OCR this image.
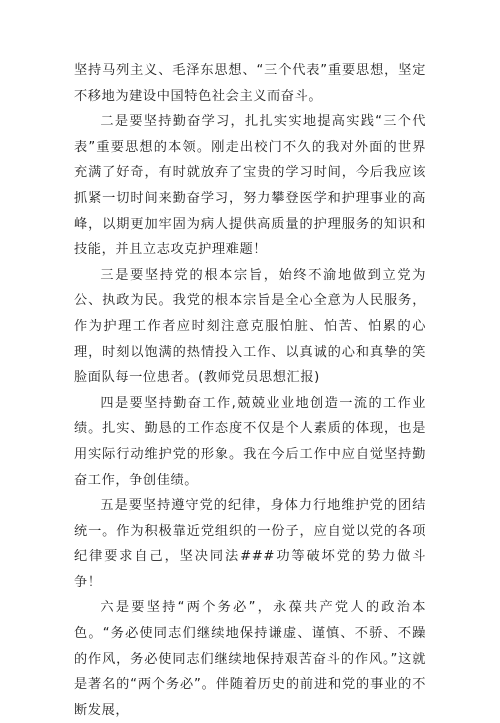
坚持马列主义、毛泽东思想、“三个代表”重要思想，坚定不移地为建设中国特色社会主义而奋斗。

二是要坚持勤奋学习，扎扎实实地提高实践“三个代表”重要思想的本领。刚走出校门不久的我对外面的世界充满了好奇，有时就放弃了宝贵的学习时间，今后我应该抓紧一切时间来勤奋学习，努力攀登医学和护理事业的高峰，以期更加牢固为病人提供高质量的护理服务的知识和技能，并且立志攻克护理难题！

三是要坚持党的根本宗旨，始终不渝地做到立党为公、执政为民。我党的根本宗旨是全心全意为人民服务，作为护理工作者应时刻注意克服怕脏、怕苦、怕累的心理，时刻以饱满的热情投入工作、以真诚的心和真挚的笑脸面队每一位患者。(教师党员思想汇报)

四是要坚持勤奋工作,兢兢业业地创造一流的工作业绩。扎实、勤恳的工作态度不仅是个人素质的体现，也是用实际行动维护党的形象。我在今后工作中应自觉坚持勤奋工作，争创佳绩。

五是要坚持遵守党的纪律，身体力行地维护党的团结统一。作为积极靠近党组织的一份子，应自觉以党的各项纪律要求自己，坚决同法###功等破坏党的势力做斗争！

六是要坚持“两个务必”，永葆共产党人的政治本色。“务必使同志们继续地保持谦虚、谨慎、不骄、不躁的作风，务必使同志们继续地保持艰苦奋斗的作风。”这就是著名的“两个务必”。伴随着历史的前进和党的事业的不断发展，
